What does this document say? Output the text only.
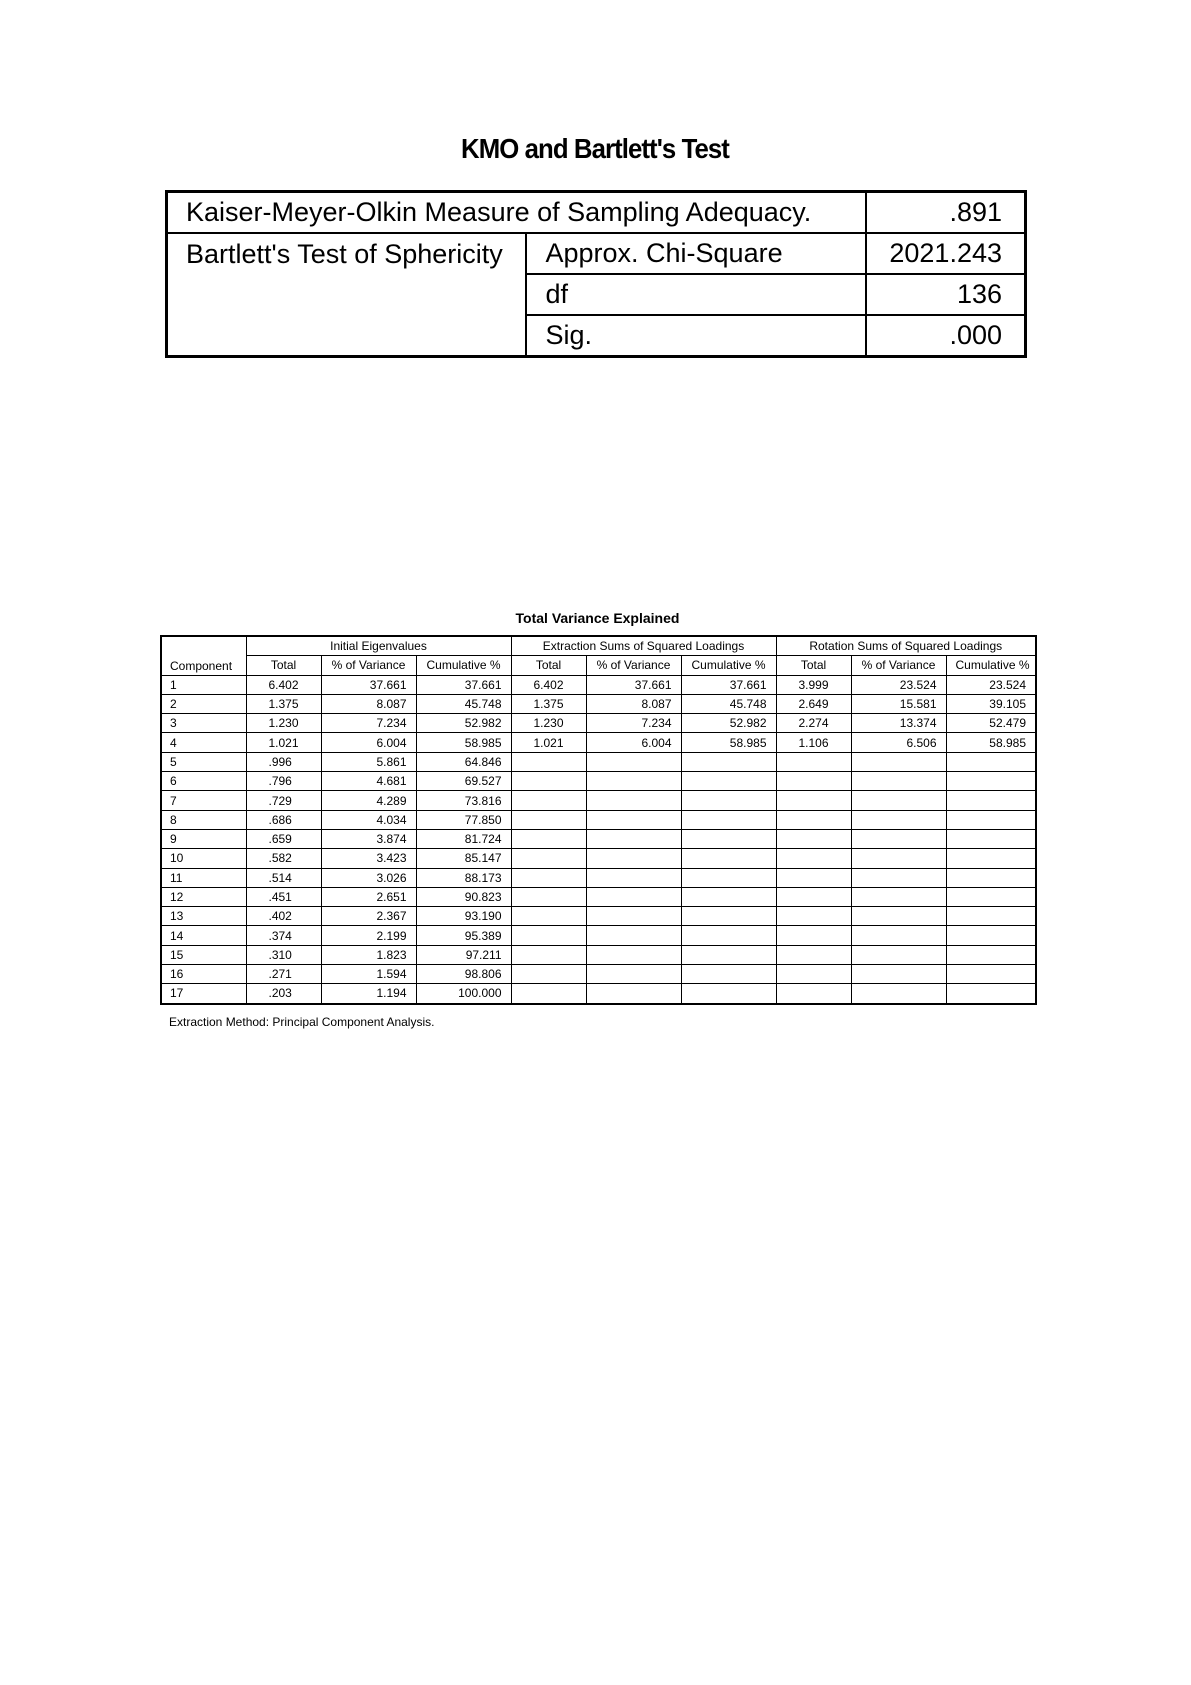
KMO and Bartlett's Test
Kaiser-Meyer-Olkin Measure of Sampling Adequacy.		.891
Bartlett's Test of Sphericity	Approx. Chi-Square	2021.243
	df	136
	Sig.	.000
Total Variance Explained
Component	Initial Eigenvalues			Extraction Sums of Squared Loadings			Rotation Sums of Squared Loadings		
	Total	% of Variance	Cumulative %	Total	% of Variance	Cumulative %	Total	% of Variance	Cumulative %
1	6.402	37.661	37.661	6.402	37.661	37.661	3.999	23.524	23.524
2	1.375	8.087	45.748	1.375	8.087	45.748	2.649	15.581	39.105
3	1.230	7.234	52.982	1.230	7.234	52.982	2.274	13.374	52.479
4	1.021	6.004	58.985	1.021	6.004	58.985	1.106	6.506	58.985
5	.996	5.861	64.846						
6	.796	4.681	69.527						
7	.729	4.289	73.816						
8	.686	4.034	77.850						
9	.659	3.874	81.724						
10	.582	3.423	85.147						
11	.514	3.026	88.173						
12	.451	2.651	90.823						
13	.402	2.367	93.190						
14	.374	2.199	95.389						
15	.310	1.823	97.211						
16	.271	1.594	98.806						
17	.203	1.194	100.000						
Extraction Method: Principal Component Analysis.
